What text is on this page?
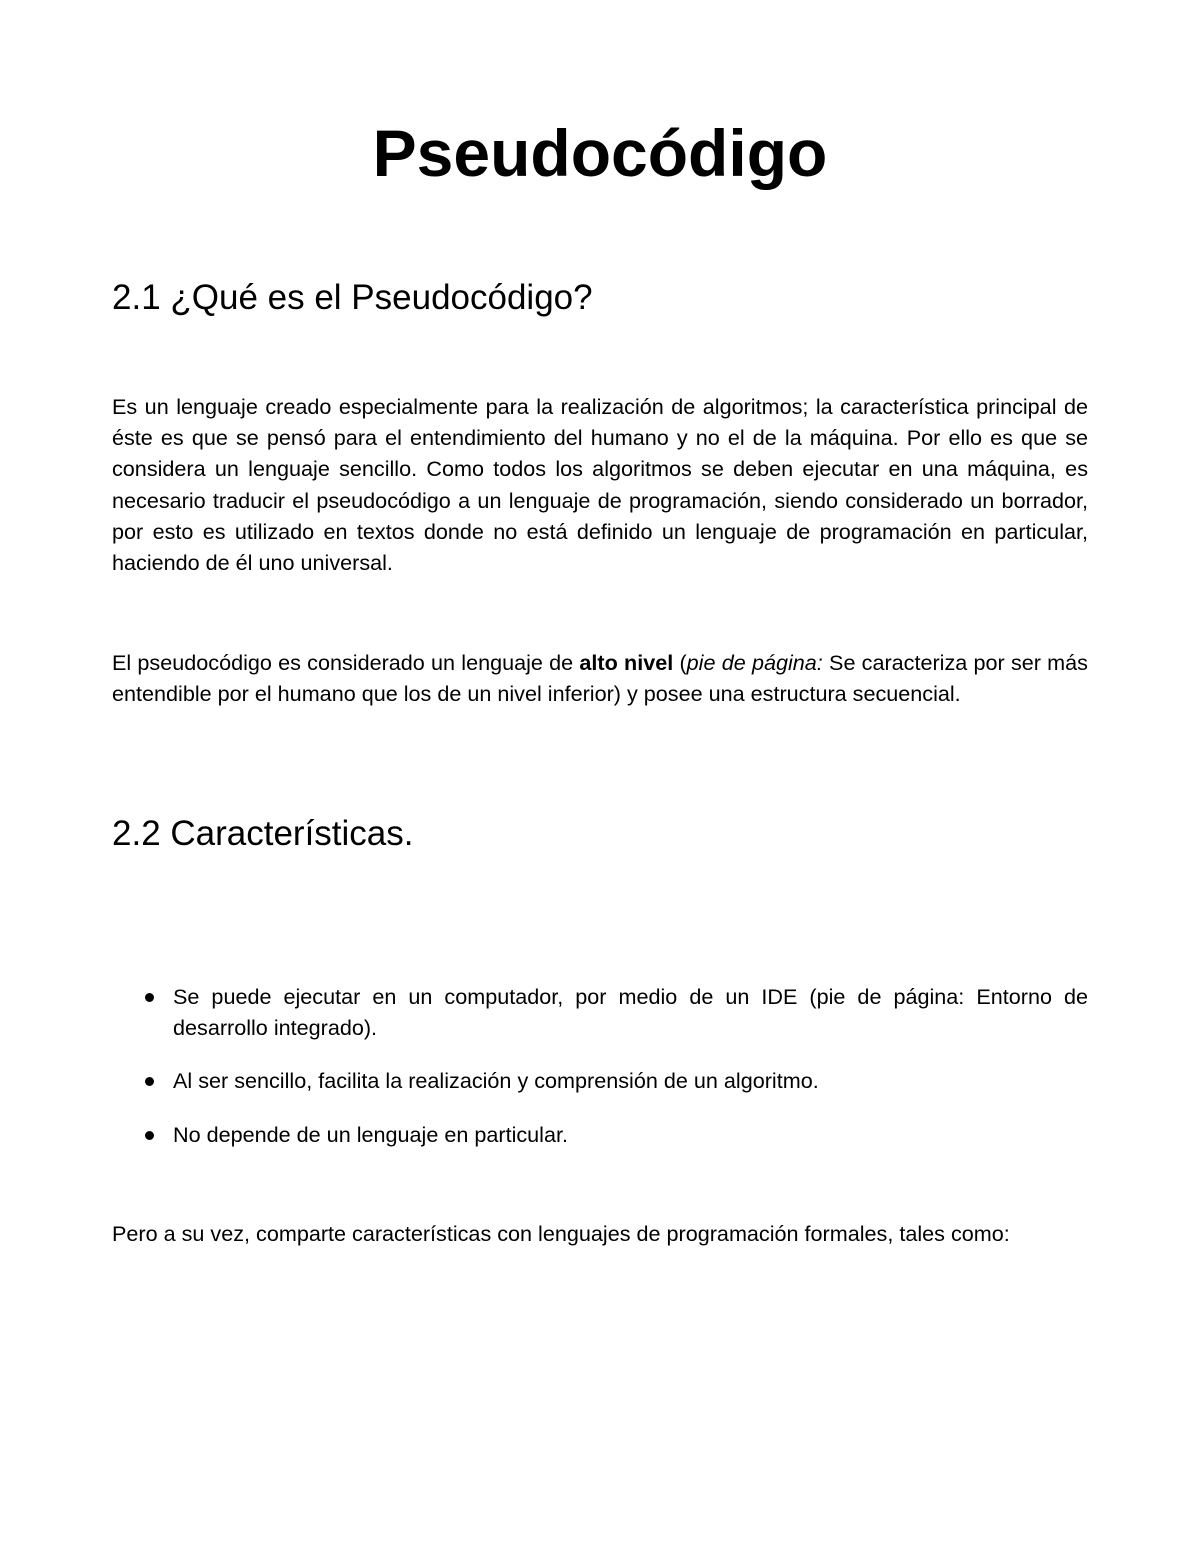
Pseudocódigo
2.1 ¿Qué es el Pseudocódigo?

Es un lenguaje creado especialmente para la realización de algoritmos; la característica principal de éste es que se pensó para el entendimiento del humano y no el de la máquina. Por ello es que se considera un lenguaje sencillo. Como todos los algoritmos se deben ejecutar en una máquina, es necesario traducir el pseudocódigo a un lenguaje de programación, siendo considerado un borrador, por esto es utilizado en textos donde no está definido un lenguaje de programación en particular, haciendo de él uno universal.

El pseudocódigo es considerado un lenguaje de alto nivel (pie de página: Se caracteriza por ser más entendible por el humano que los de un nivel inferior) y posee una estructura secuencial.

2.2 Características.
Se puede ejecutar en un computador, por medio de un IDE (pie de página: Entorno de desarrollo integrado).
Al ser sencillo, facilita la realización y comprensión de un algoritmo.
No depende de un lenguaje en particular.

Pero a su vez, comparte características con lenguajes de programación formales, tales como:
